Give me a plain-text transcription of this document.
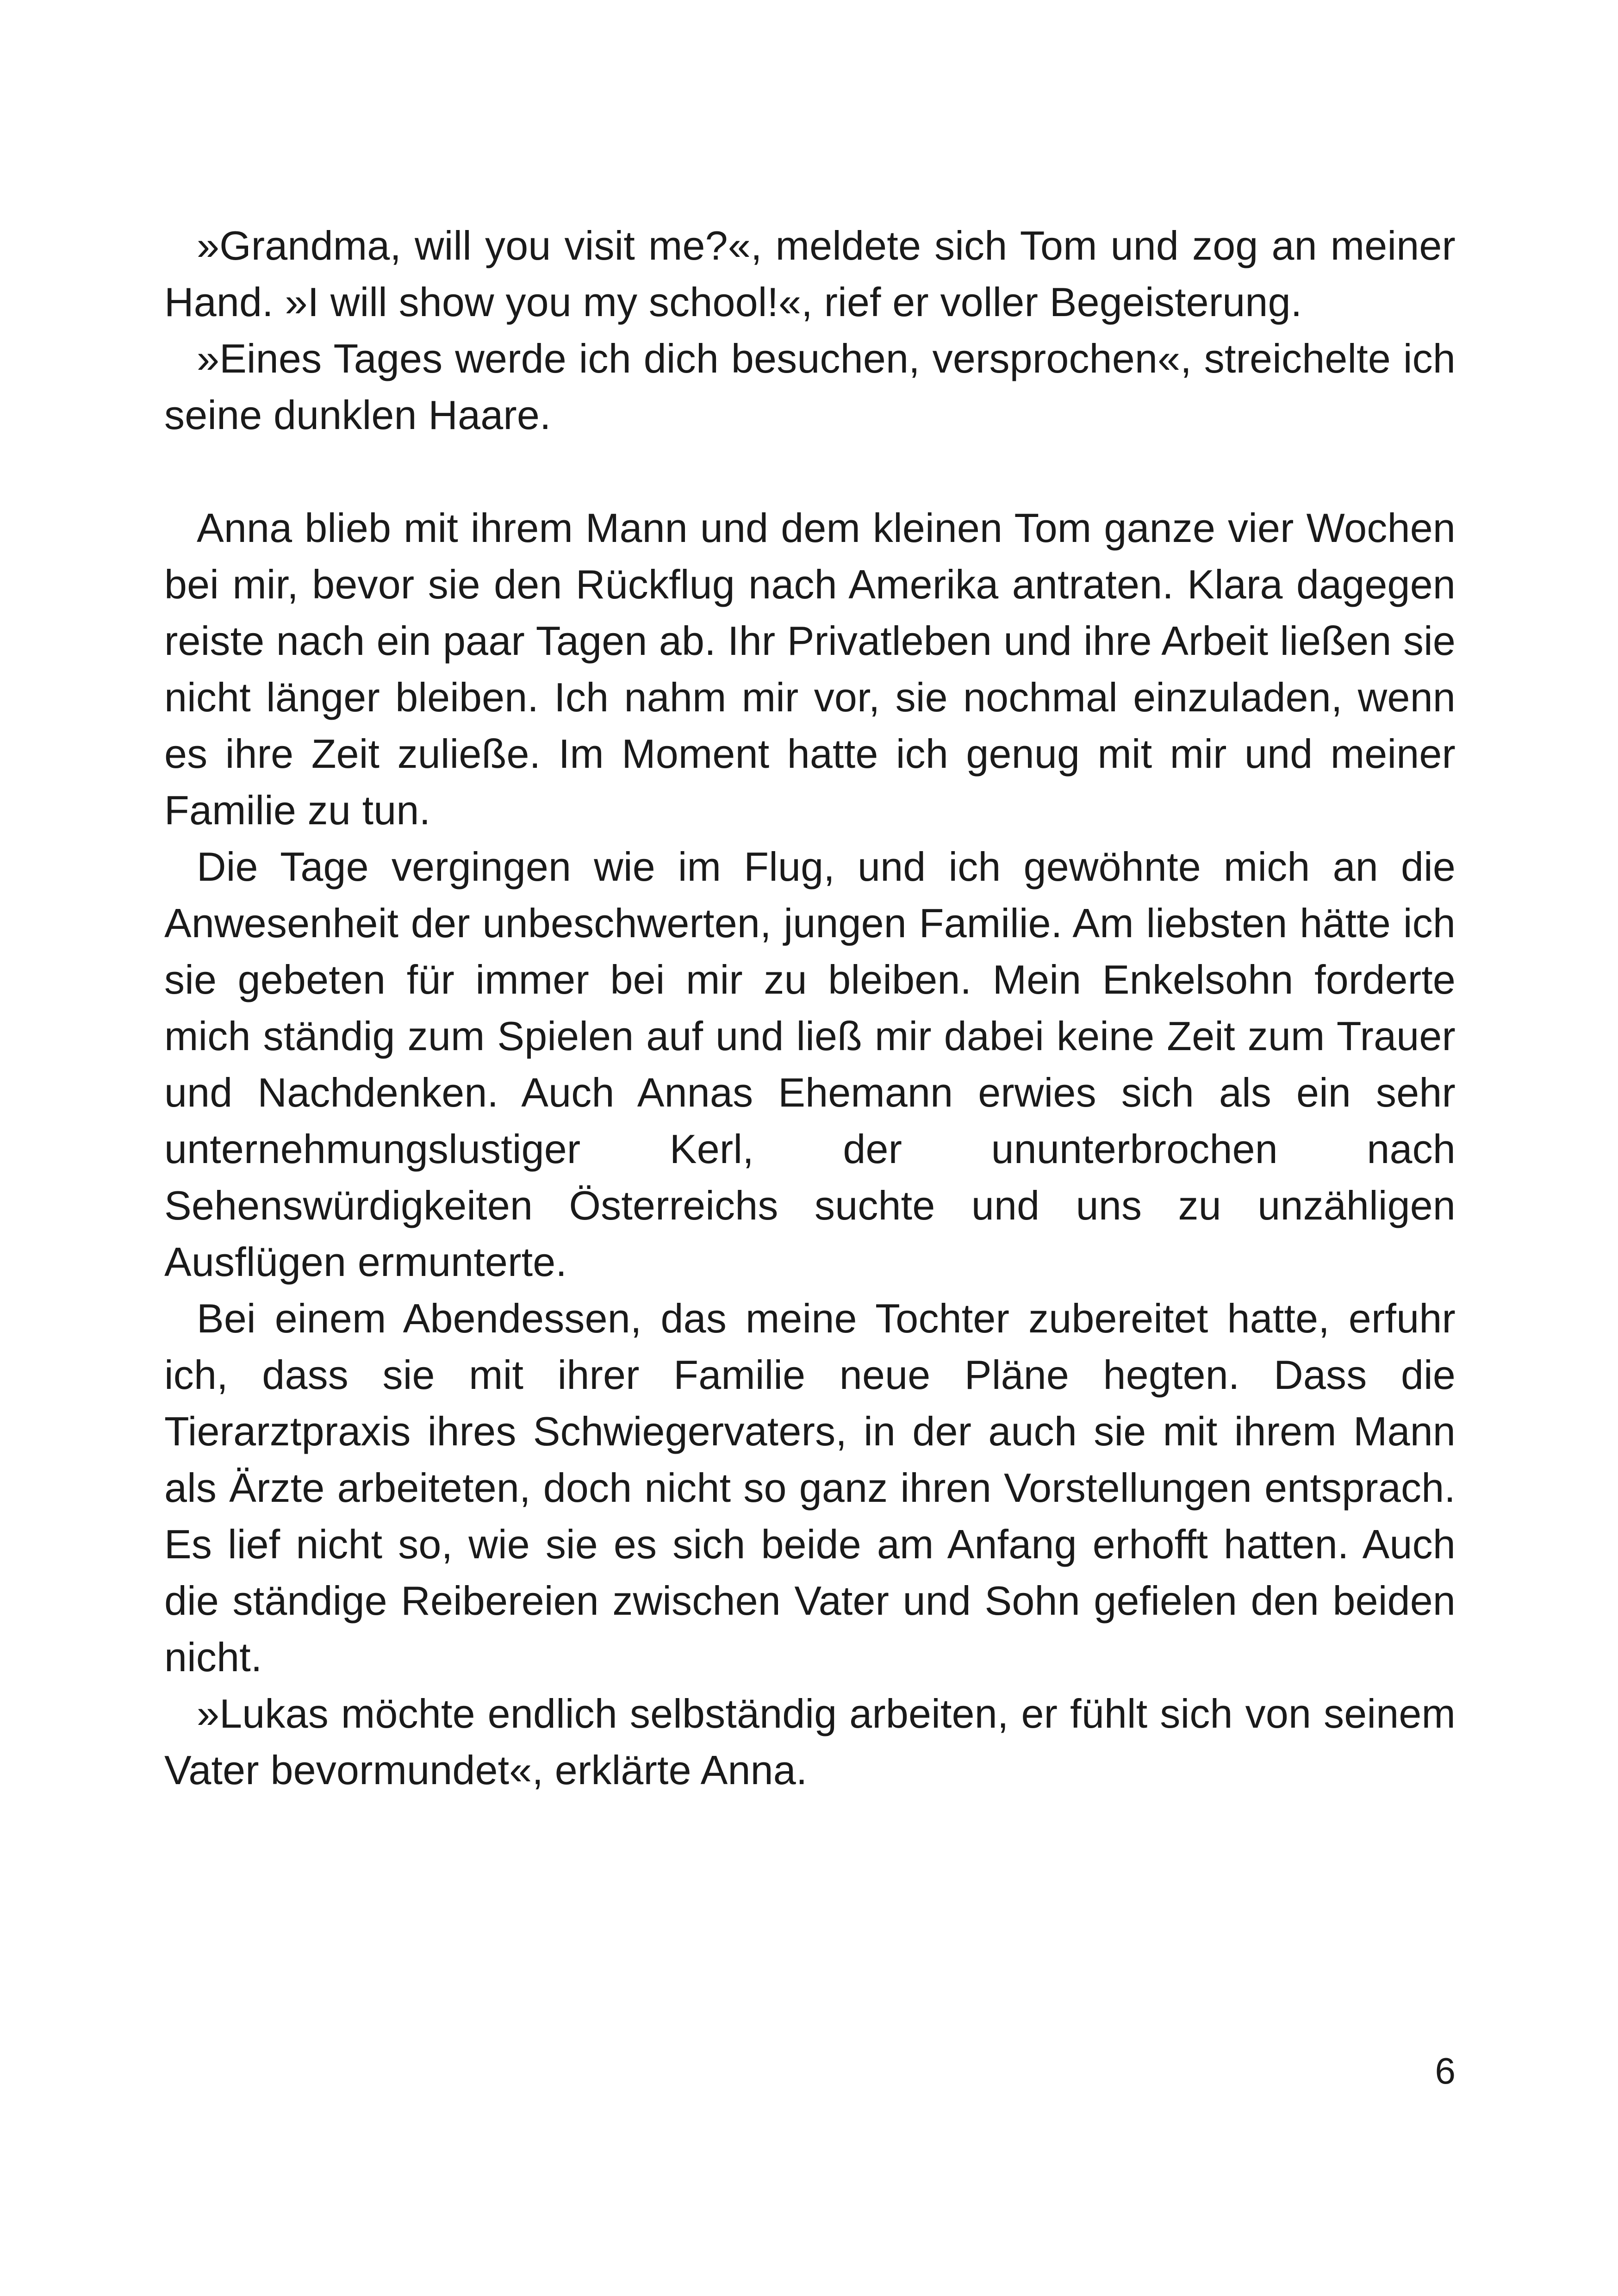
»Grandma, will you visit me?«, meldete sich Tom und zog an meiner Hand. »I will show you my school!«, rief er voller Begeisterung.

»Eines Tages werde ich dich besuchen, versprochen«, streichelte ich seine dunklen Haare.

Anna blieb mit ihrem Mann und dem kleinen Tom ganze vier Wochen bei mir, bevor sie den Rückflug nach Amerika antraten. Klara dagegen reiste nach ein paar Tagen ab. Ihr Privatleben und ihre Arbeit ließen sie nicht länger bleiben. Ich nahm mir vor, sie nochmal einzuladen, wenn es ihre Zeit zuließe. Im Moment hatte ich genug mit mir und meiner Familie zu tun.

Die Tage vergingen wie im Flug, und ich gewöhnte mich an die Anwesenheit der unbeschwerten, jungen Familie. Am liebsten hätte ich sie gebeten für immer bei mir zu bleiben. Mein Enkelsohn forderte mich ständig zum Spielen auf und ließ mir dabei keine Zeit zum Trauer und Nachdenken. Auch Annas Ehemann erwies sich als ein sehr unternehmungslustiger Kerl, der ununterbrochen nach Sehenswürdigkeiten Österreichs suchte und uns zu unzähligen Ausflügen ermunterte.

Bei einem Abendessen, das meine Tochter zubereitet hatte, erfuhr ich, dass sie mit ihrer Familie neue Pläne hegten. Dass die Tierarztpraxis ihres Schwiegervaters, in der auch sie mit ihrem Mann als Ärzte arbeiteten, doch nicht so ganz ihren Vorstellungen entsprach. Es lief nicht so, wie sie es sich beide am Anfang erhofft hatten. Auch die ständige Reibereien zwischen Vater und Sohn gefielen den beiden nicht.

»Lukas möchte endlich selbständig arbeiten, er fühlt sich von seinem Vater bevormundet«, erklärte Anna.

6
